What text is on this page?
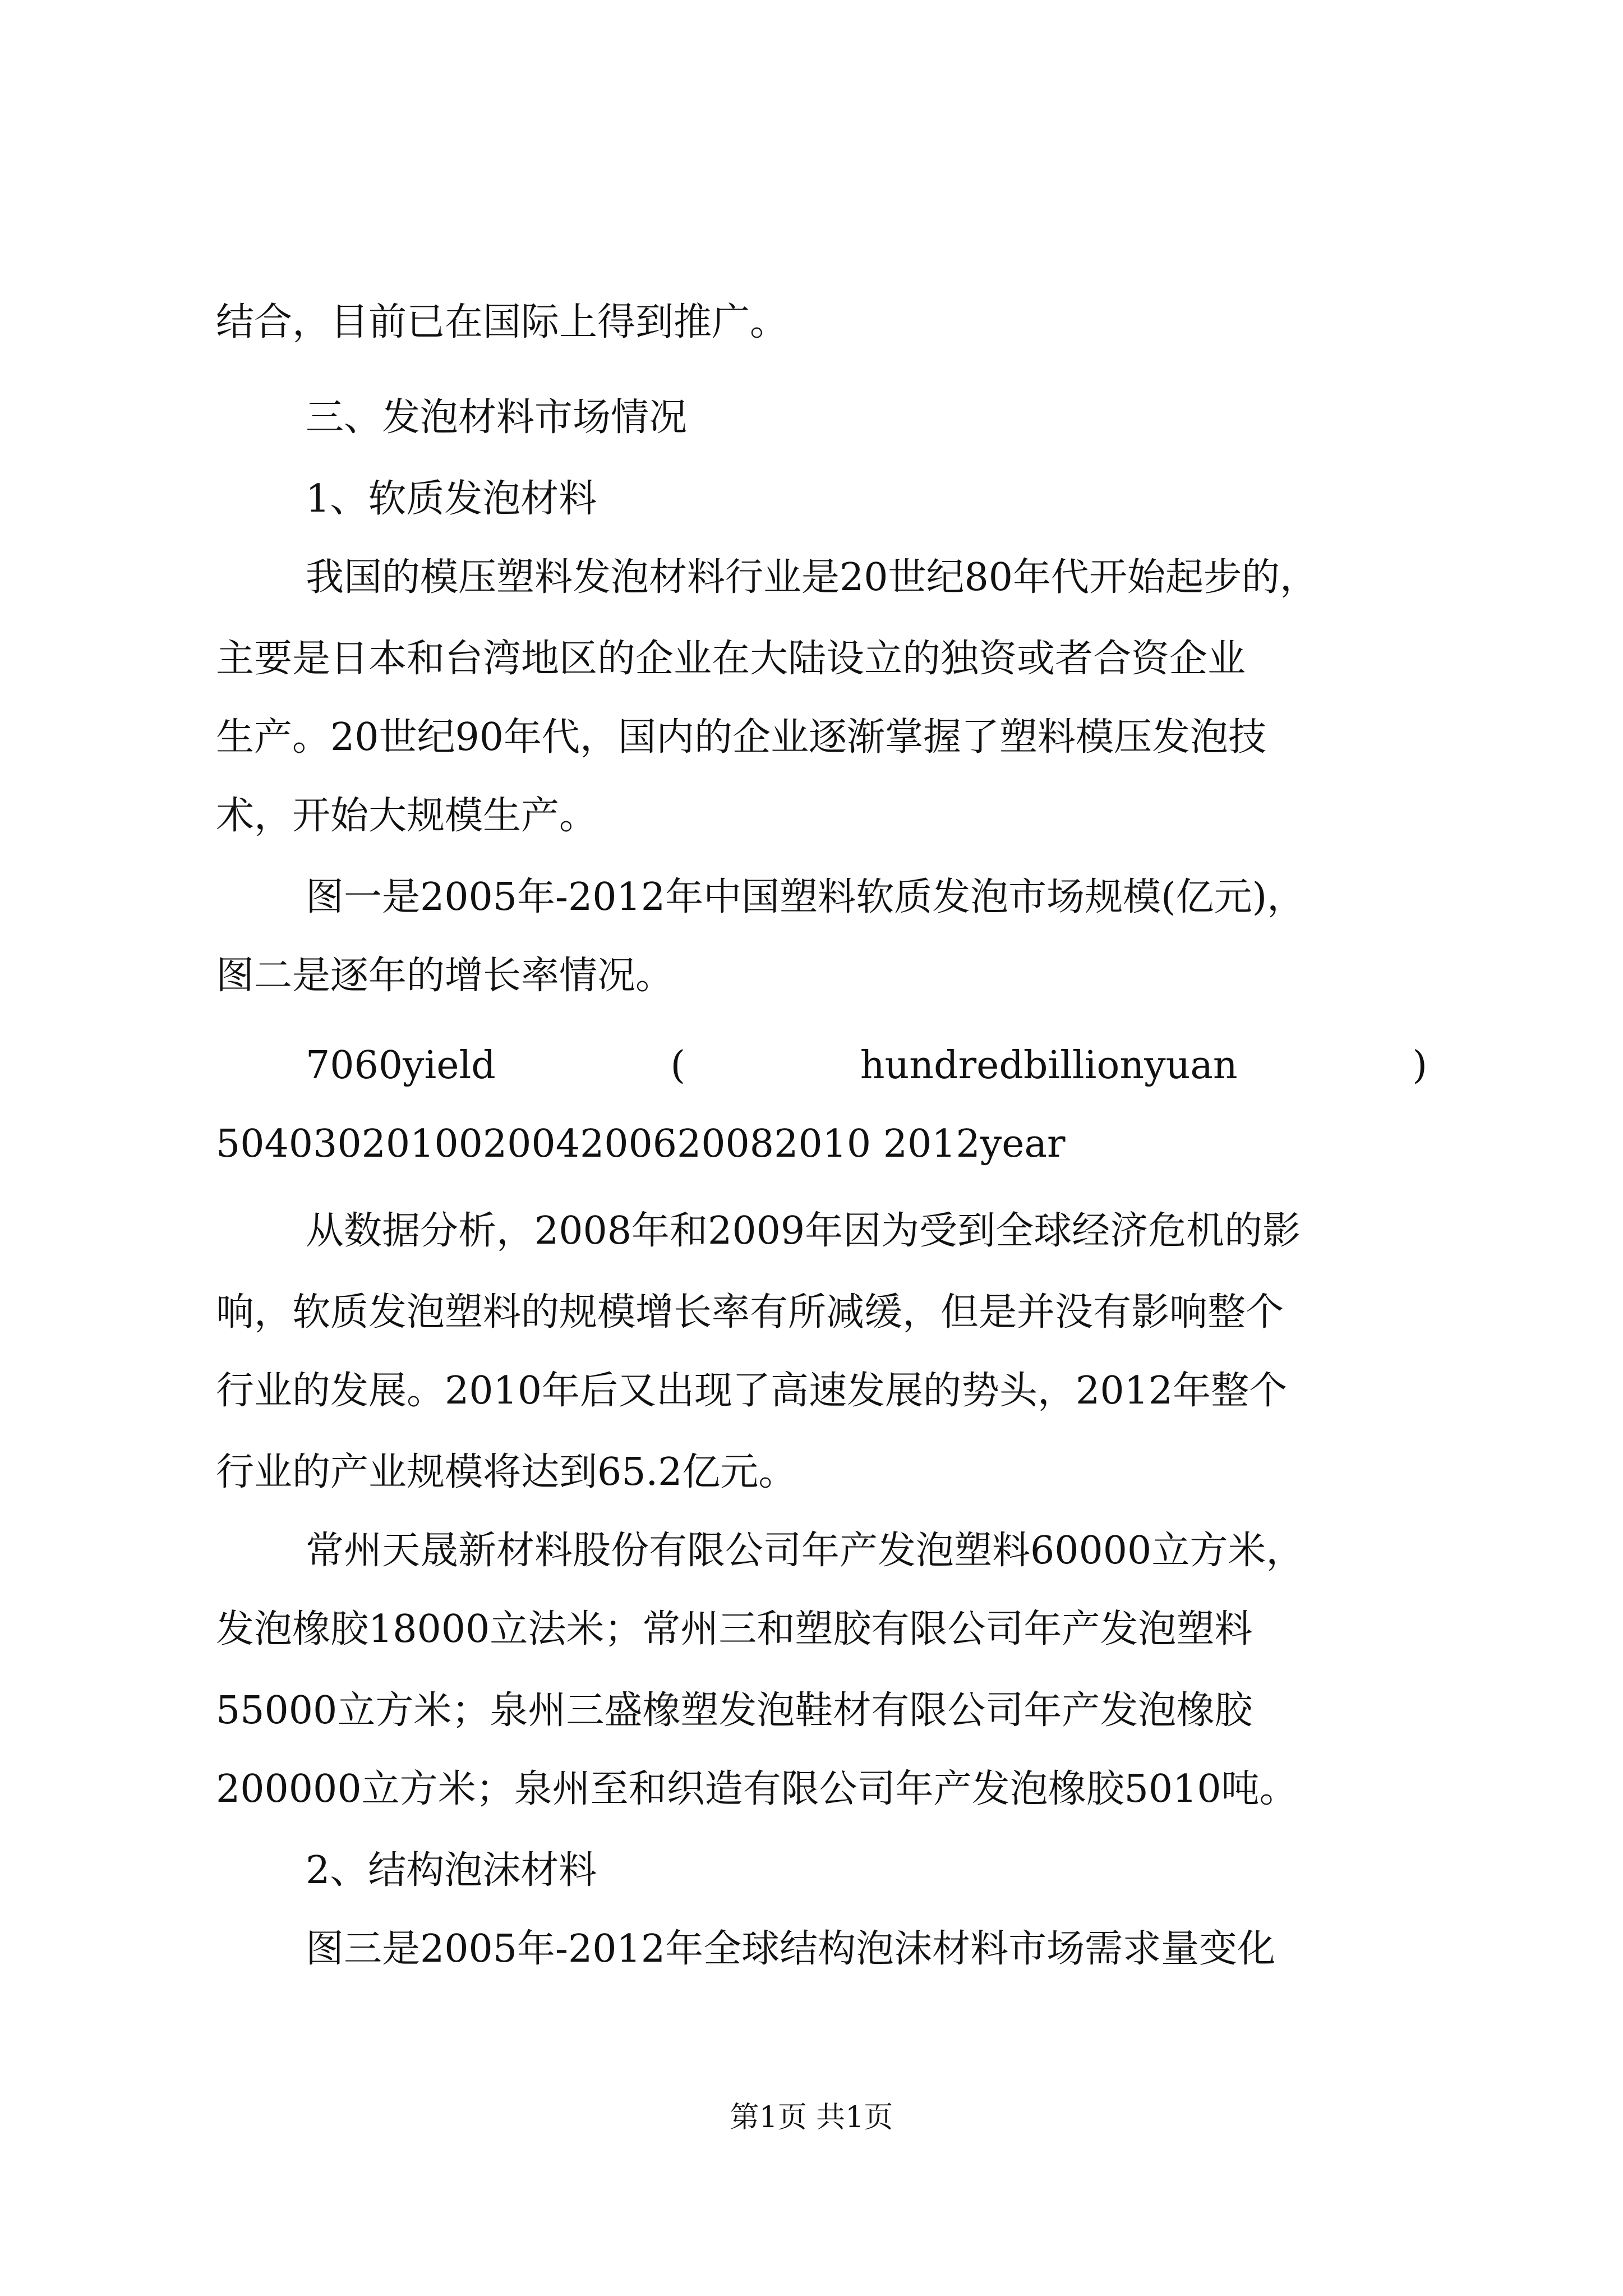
结合，目前已在国际上得到推广。
三、发泡材料市场情况
1、软质发泡材料
我国的模压塑料发泡材料行业是20世纪80年代开始起步的，
主要是日本和台湾地区的企业在大陆设立的独资或者合资企业
生产。20世纪90年代，国内的企业逐渐掌握了塑料模压发泡技
术，开始大规模生产。
图一是2005年-2012年中国塑料软质发泡市场规模(亿元)，
图二是逐年的增长率情况。
7060yield	(	hundredbillionyuan	)
504030201002004200620082010 2012year
从数据分析，2008年和2009年因为受到全球经济危机的影
响，软质发泡塑料的规模增长率有所减缓，但是并没有影响整个
行业的发展。2010年后又出现了高速发展的势头，2012年整个
行业的产业规模将达到65.2亿元。
常州天晟新材料股份有限公司年产发泡塑料60000立方米，
发泡橡胶18000立法米；常州三和塑胶有限公司年产发泡塑料
55000立方米；泉州三盛橡塑发泡鞋材有限公司年产发泡橡胶
200000立方米；泉州至和织造有限公司年产发泡橡胶5010吨。
2、结构泡沫材料
图三是2005年-2012年全球结构泡沫材料市场需求量变化
第1页 共1页
